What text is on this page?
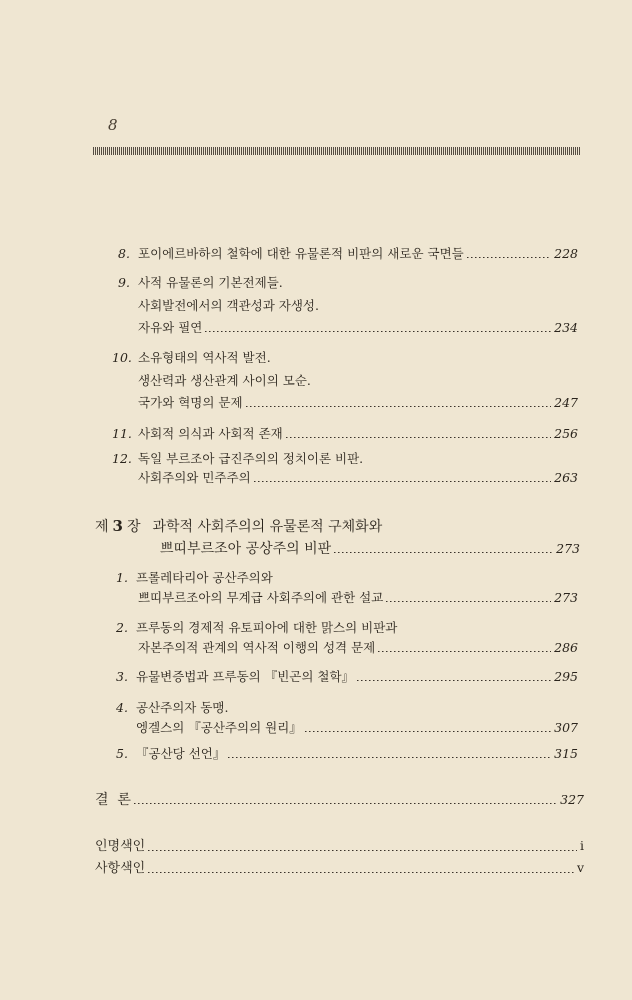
8
8. 포이에르바하의 철학에 대한 유물론적 비판의 새로운 국면들	228
9. 사적 유물론의 기본전제들.
사회발전에서의 객관성과 자생성.
자유와 필연	234
10. 소유형태의 역사적 발전.
생산력과 생산관계 사이의 모순.
국가와 혁명의 문제	247
11. 사회적 의식과 사회적 존재	256
12. 독일 부르조아 급진주의의 정치이론 비판.
사회주의와 민주주의	263
제 3 장 과학적 사회주의의 유물론적 구체화와
쁘띠부르조아 공상주의 비판	273
1. 프롤레타리아 공산주의와
쁘띠부르조아의 무계급 사회주의에 관한 설교	273
2. 프루동의 경제적 유토피아에 대한 맑스의 비판과
자본주의적 관계의 역사적 이행의 성격 문제	286
3. 유물변증법과 프루동의 『빈곤의 철학』	295
4. 공산주의자 동맹.
엥겔스의 『공산주의의 원리』	307
5. 『공산당 선언』	315
결  론	327
인명색인	i
사항색인	v
